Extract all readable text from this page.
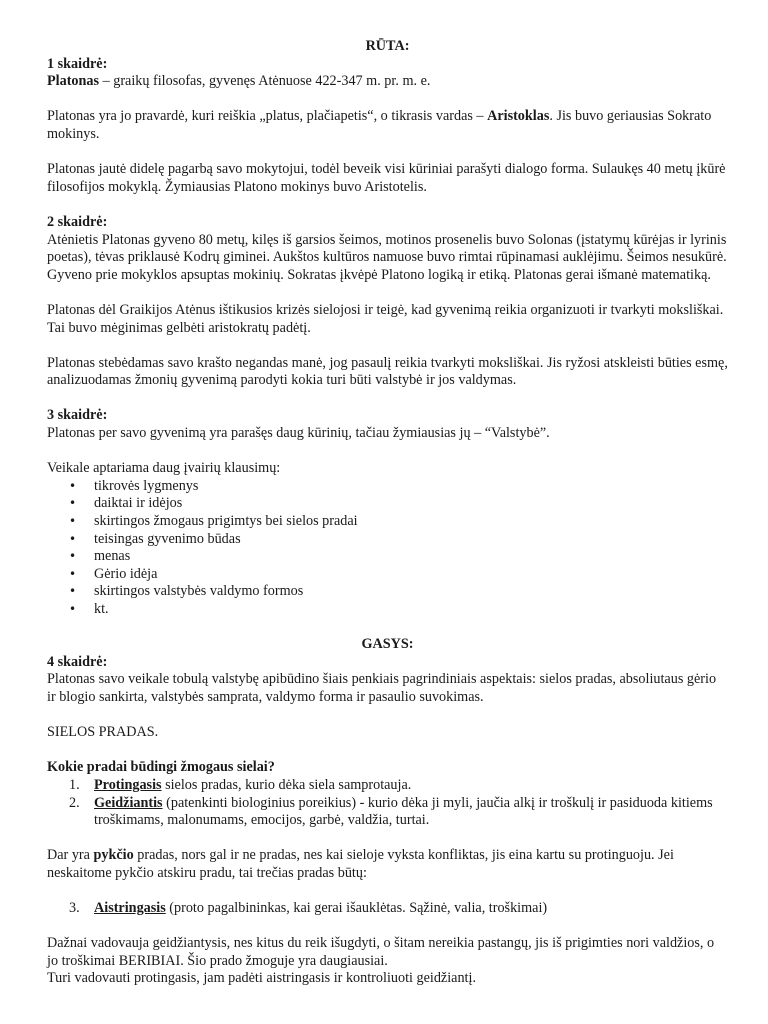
RŪTA:

1 skaidrė:

Platonas – graikų filosofas, gyvenęs Atėnuose 422-347 m. pr. m. e.

Platonas yra jo pravardė, kuri reiškia „platus, plačiapetis“, o tikrasis vardas – Aristoklas. Jis buvo geriausias Sokrato mokinys.

Platonas jautė didelę pagarbą savo mokytojui, todėl beveik visi kūriniai parašyti dialogo forma. Sulaukęs 40 metų įkūrė filosofijos mokyklą. Žymiausias Platono mokinys buvo Aristotelis.

2 skaidrė:

Atėnietis Platonas gyveno 80 metų, kilęs iš garsios šeimos, motinos prosenelis buvo Solonas (įstatymų kūrėjas ir lyrinis poetas), tėvas priklausė Kodrų giminei. Aukštos kultūros namuose buvo rimtai rūpinamasi auklėjimu. Šeimos nesukūrė. Gyveno prie mokyklos apsuptas mokinių. Sokratas įkvėpė Platono logiką ir etiką. Platonas gerai išmanė matematiką.

Platonas dėl Graikijos Atėnus ištikusios krizės sielojosi ir teigė, kad gyvenimą reikia organizuoti ir tvarkyti moksliškai. Tai buvo mėginimas gelbėti aristokratų padėtį.

Platonas stebėdamas savo krašto negandas manė, jog pasaulį reikia tvarkyti moksliškai. Jis ryžosi atskleisti būties esmę, analizuodamas žmonių gyvenimą parodyti kokia turi būti valstybė ir jos valdymas.

3 skaidrė:

Platonas per savo gyvenimą yra parašęs daug kūrinių, tačiau žymiausias jų – “Valstybė”.

Veikale aptariama daug įvairių klausimų:

• tikrovės lygmenys
• daiktai ir idėjos
• skirtingos žmogaus prigimtys bei sielos pradai
• teisingas gyvenimo būdas
• menas
• Gėrio idėja
• skirtingos valstybės valdymo formos
• kt.

GASYS:

4 skaidrė:

Platonas savo veikale tobulą valstybę apibūdino šiais penkiais pagrindiniais aspektais: sielos pradas, absoliutaus gėrio ir blogio sankirta, valstybės samprata, valdymo forma ir pasaulio suvokimas.

SIELOS PRADAS.

Kokie pradai būdingi žmogaus sielai?

1. Protingasis sielos pradas, kurio dėka siela samprotauja.
2. Geidžiantis (patenkinti biologinius poreikius) - kurio dėka ji myli, jaučia alkį ir troškulį ir pasiduoda kitiems troškimams, malonumams, emocijos, garbė, valdžia, turtai.

Dar yra pykčio pradas, nors gal ir ne pradas, nes kai sieloje vyksta konfliktas, jis eina kartu su protinguoju. Jei neskaitome pykčio atskiru pradu, tai trečias pradas būtų:

3. Aistringasis (proto pagalbininkas, kai gerai išauklėtas. Sąžinė, valia, troškimai)

Dažnai vadovauja geidžiantysis, nes kitus du reik išugdyti, o šitam nereikia pastangų, jis iš prigimties nori valdžios, o jo troškimai BERIBIAI. Šio prado žmoguje yra daugiausiai.

Turi vadovauti protingasis, jam padėti aistringasis ir kontroliuoti geidžiantį.
